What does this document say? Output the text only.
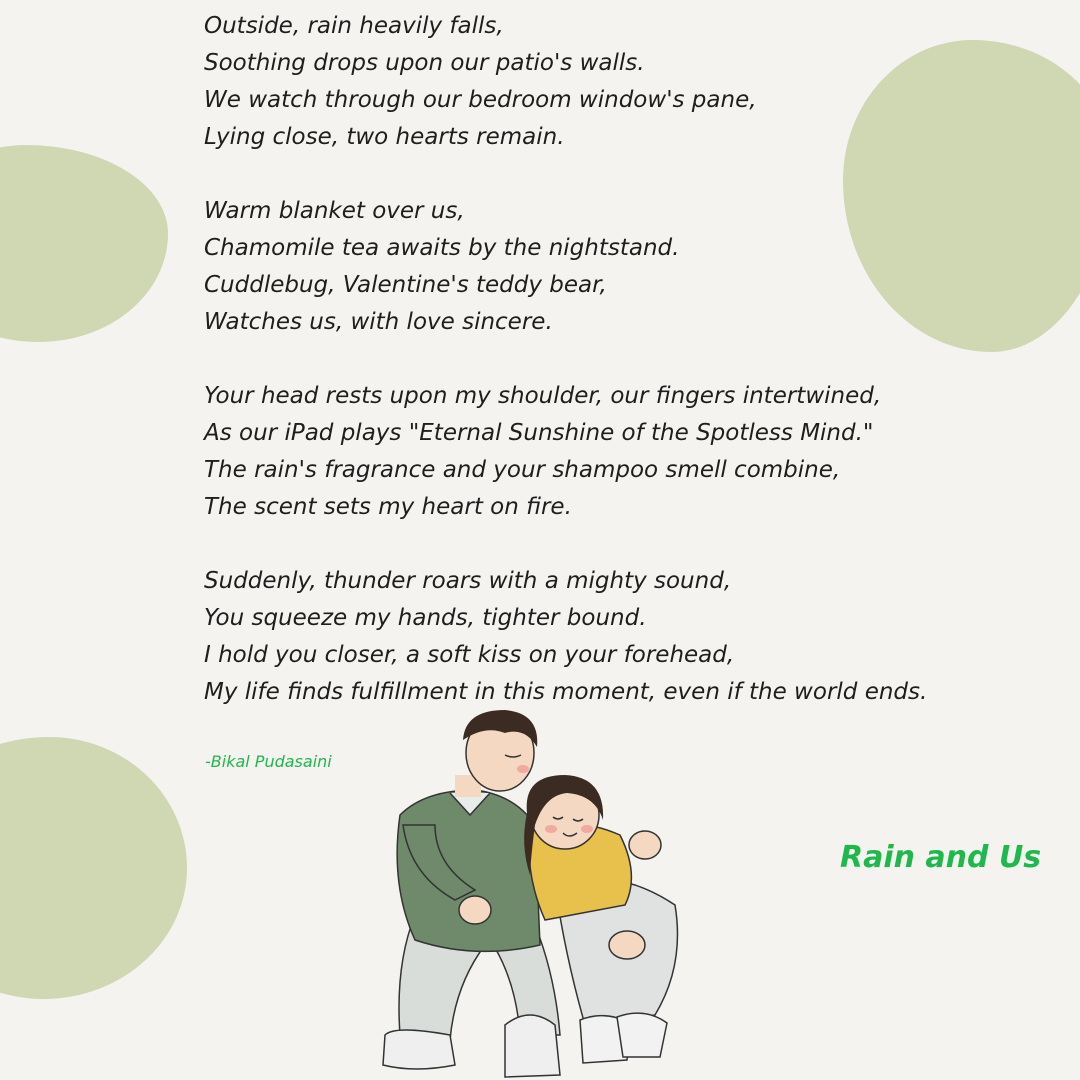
Outside, rain heavily falls,
Soothing drops upon our patio's walls.
We watch through our bedroom window's pane,
Lying close, two hearts remain.

Warm blanket over us,
Chamomile tea awaits by the nightstand.
Cuddlebug, Valentine's teddy bear,
Watches us, with love sincere.

Your head rests upon my shoulder, our fingers intertwined,
As our iPad plays "Eternal Sunshine of the Spotless Mind."
The rain's fragrance and your shampoo smell combine,
The scent sets my heart on fire.

Suddenly, thunder roars with a mighty sound,
You squeeze my hands, tighter bound.
I hold you closer, a soft kiss on your forehead,
My life finds fulfillment in this moment, even if the world ends.

-Bikal Pudasaini
Rain and Us
